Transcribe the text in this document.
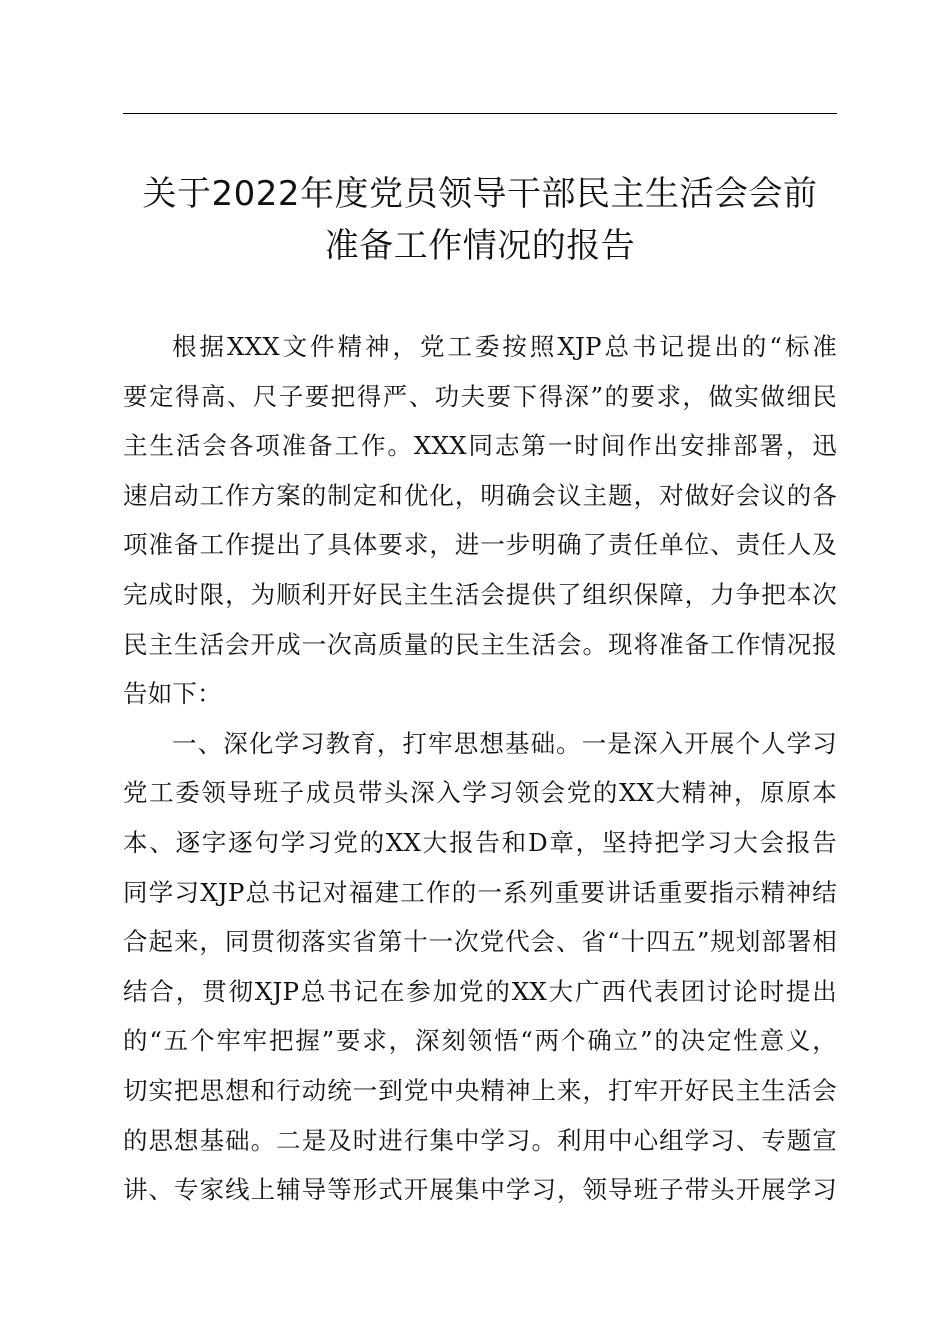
关于2022年度党员领导干部民主生活会会前
准备工作情况的报告
根据XXX文件精神，党工委按照XJP总书记提出的“标准
要定得高、尺子要把得严、功夫要下得深”的要求，做实做细民
主生活会各项准备工作。XXX同志第一时间作出安排部署，迅
速启动工作方案的制定和优化，明确会议主题，对做好会议的各
项准备工作提出了具体要求，进一步明确了责任单位、责任人及
完成时限，为顺利开好民主生活会提供了组织保障，力争把本次
民主生活会开成一次高质量的民主生活会。现将准备工作情况报
告如下：
一、深化学习教育，打牢思想基础。一是深入开展个人学习
党工委领导班子成员带头深入学习领会党的XX大精神，原原本
本、逐字逐句学习党的XX大报告和D章，坚持把学习大会报告
同学习XJP总书记对福建工作的一系列重要讲话重要指示精神结
合起来，同贯彻落实省第十一次党代会、省“十四五”规划部署相
结合，贯彻XJP总书记在参加党的XX大广西代表团讨论时提出
的“五个牢牢把握”要求，深刻领悟“两个确立”的决定性意义，
切实把思想和行动统一到党中央精神上来，打牢开好民主生活会
的思想基础。二是及时进行集中学习。利用中心组学习、专题宣
讲、专家线上辅导等形式开展集中学习，领导班子带头开展学习
